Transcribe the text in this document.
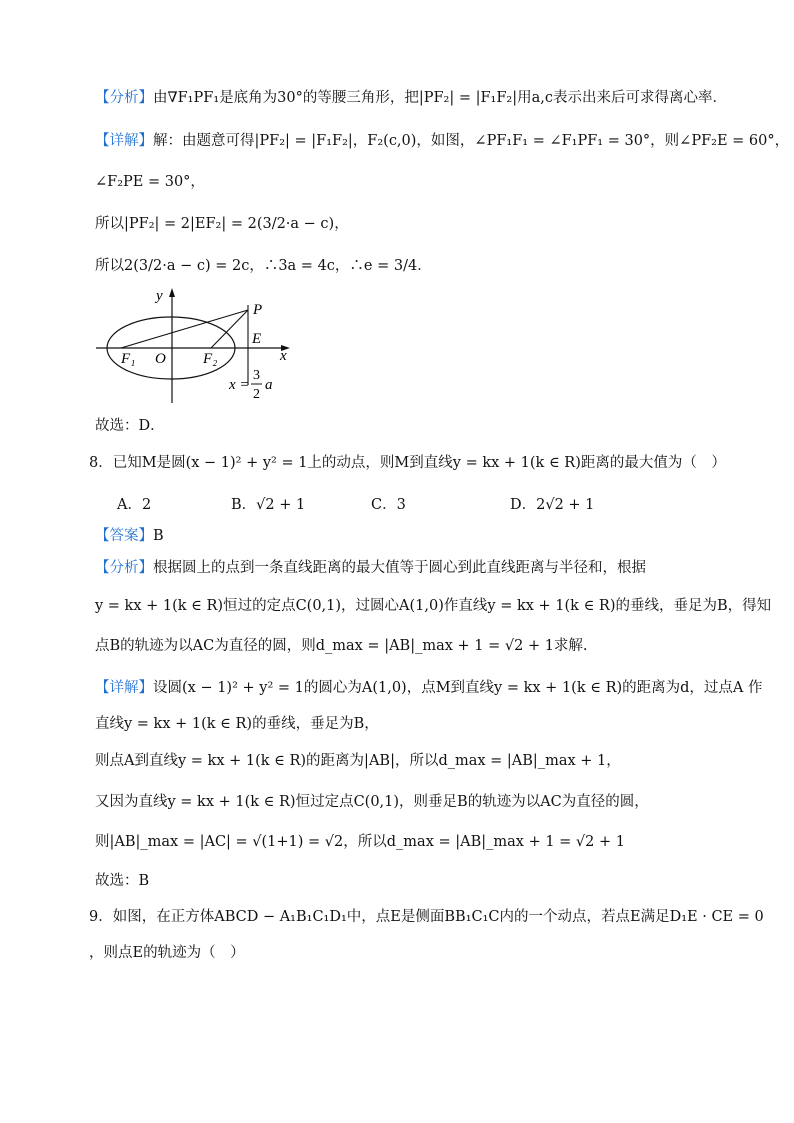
【分析】由∇F₁PF₁是底角为30°的等腰三角形，把|PF₂| = |F₁F₂|用a,c表示出来后可求得离心率．
【详解】解：由题意可得|PF₂| = |F₁F₂|，F₂(c,0)，如图，∠PF₁F₁ = ∠F₁PF₁ = 30°，则∠PF₂E = 60°，
∠F₂PE = 30°，
所以|PF₂| = 2|EF₂| = 2(3/2·a − c)，
所以2(3/2·a − c) = 2c，∴3a = 4c，∴e = 3/4．
y
P
E
x
F₁ O F₂
x =
3
2
a
故选：D．
8．已知M是圆(x − 1)² + y² = 1上的动点，则M到直线y = kx + 1(k ∈ R)距离的最大值为（　）
A．2	B．√2 + 1	C．3	D．2√2 + 1
【答案】B
【分析】根据圆上的点到一条直线距离的最大值等于圆心到此直线距离与半径和，根据
y = kx + 1(k ∈ R)恒过的定点C(0,1)，过圆心A(1,0)作直线y = kx + 1(k ∈ R)的垂线，垂足为B，得知
点B的轨迹为以AC为直径的圆，则d_max = |AB|_max + 1 = √2 + 1求解.
【详解】设圆(x − 1)² + y² = 1的圆心为A(1,0)，点M到直线y = kx + 1(k ∈ R)的距离为d，过点A 作
直线y = kx + 1(k ∈ R)的垂线，垂足为B，
则点A到直线y = kx + 1(k ∈ R)的距离为|AB|，所以d_max = |AB|_max + 1，
又因为直线y = kx + 1(k ∈ R)恒过定点C(0,1)，则垂足B的轨迹为以AC为直径的圆，
则|AB|_max = |AC| = √(1+1) = √2，所以d_max = |AB|_max + 1 = √2 + 1
故选：B
9．如图，在正方体ABCD − A₁B₁C₁D₁中，点E是侧面BB₁C₁C内的一个动点，若点E满足D₁E · CE = 0
，则点E的轨迹为（　）
